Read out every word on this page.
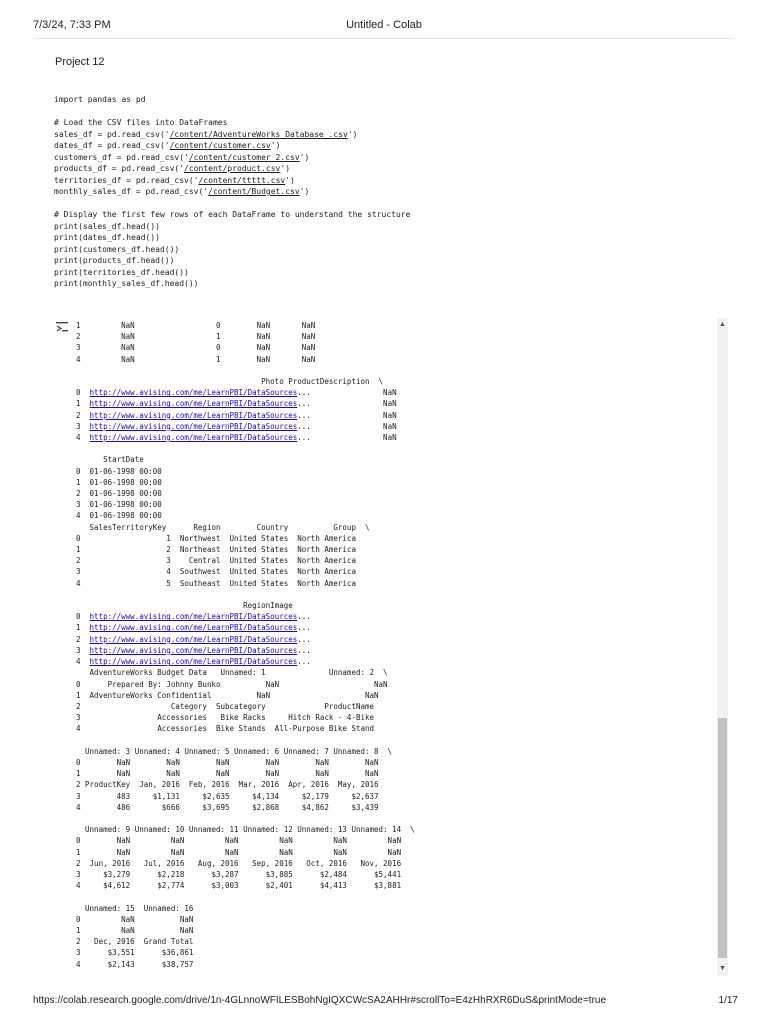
7/3/24, 7:33 PM	Untitled - Colab
Project 12
import pandas as pd

# Load the CSV files into DataFrames
sales_df = pd.read_csv('/content/AdventureWorks_Database_.csv')
dates_df = pd.read_csv('/content/customer.csv')
customers_df = pd.read_csv('/content/customer_2.csv')
products_df = pd.read_csv('/content/product.csv')
territories_df = pd.read_csv('/content/ttttt.csv')
monthly_sales_df = pd.read_csv('/content/Budget.csv')

# Display the first few rows of each DataFrame to understand the structure
print(sales_df.head())
print(dates_df.head())
print(customers_df.head())
print(products_df.head())
print(territories_df.head())
print(monthly_sales_df.head())
1         NaN                  0        NaN       NaN
2         NaN                  1        NaN       NaN
3         NaN                  0        NaN       NaN
4         NaN                  1        NaN       NaN

Photo ProductDescription  \
0  http://www.avising.com/me/LearnPBI/DataSources...                NaN
1  http://www.avising.com/me/LearnPBI/DataSources...                NaN
2  http://www.avising.com/me/LearnPBI/DataSources...                NaN
3  http://www.avising.com/me/LearnPBI/DataSources...                NaN
4  http://www.avising.com/me/LearnPBI/DataSources...                NaN

StartDate
0  01-06-1998 00:00
1  01-06-1998 00:00
2  01-06-1998 00:00
3  01-06-1998 00:00
4  01-06-1998 00:00
SalesTerritoryKey      Region        Country          Group  \
0                   1  Northwest  United States  North America
1                   2  Northeast  United States  North America
2                   3    Central  United States  North America
3                   4  Southwest  United States  North America
4                   5  Southeast  United States  North America

RegionImage
0  http://www.avising.com/me/LearnPBI/DataSources...
1  http://www.avising.com/me/LearnPBI/DataSources...
2  http://www.avising.com/me/LearnPBI/DataSources...
3  http://www.avising.com/me/LearnPBI/DataSources...
4  http://www.avising.com/me/LearnPBI/DataSources...
AdventureWorks Budget Data   Unnamed: 1              Unnamed: 2  \
0      Prepared By: Johnny Bunko          NaN                     NaN
1  AdventureWorks Confidential          NaN                     NaN
2                    Category  Subcategory             ProductName
3                 Accessories   Bike Racks     Hitch Rack - 4-Bike
4                 Accessories  Bike Stands  All-Purpose Bike Stand

Unnamed: 3 Unnamed: 4 Unnamed: 5 Unnamed: 6 Unnamed: 7 Unnamed: 8  \
0        NaN        NaN        NaN        NaN        NaN        NaN
1        NaN        NaN        NaN        NaN        NaN        NaN
2 ProductKey  Jan, 2016  Feb, 2016  Mar, 2016  Apr, 2016  May, 2016
3        483     $1,131     $2,635     $4,134     $2,179     $2,637
4        486       $666     $3,695     $2,868     $4,862     $3,439

Unnamed: 9 Unnamed: 10 Unnamed: 11 Unnamed: 12 Unnamed: 13 Unnamed: 14  \
0        NaN         NaN         NaN         NaN         NaN         NaN
1        NaN         NaN         NaN         NaN         NaN         NaN
2  Jun, 2016   Jul, 2016   Aug, 2016   Sep, 2016   Oct, 2016   Nov, 2016
3     $3,279      $2,218      $3,287      $3,885      $2,484      $5,441
4     $4,612      $2,774      $3,003      $2,401      $4,413      $3,881

Unnamed: 15  Unnamed: 16
0         NaN          NaN
1         NaN          NaN
2   Dec, 2016  Grand Total
3      $3,551      $36,861
4      $2,143      $38,757
▲
▼
https://colab.research.google.com/drive/1n-4GLnnoWFILESBohNgIQXCWcSA2AHHr#scrollTo=E4zHhRXR6DuS&printMode=true	1/17
